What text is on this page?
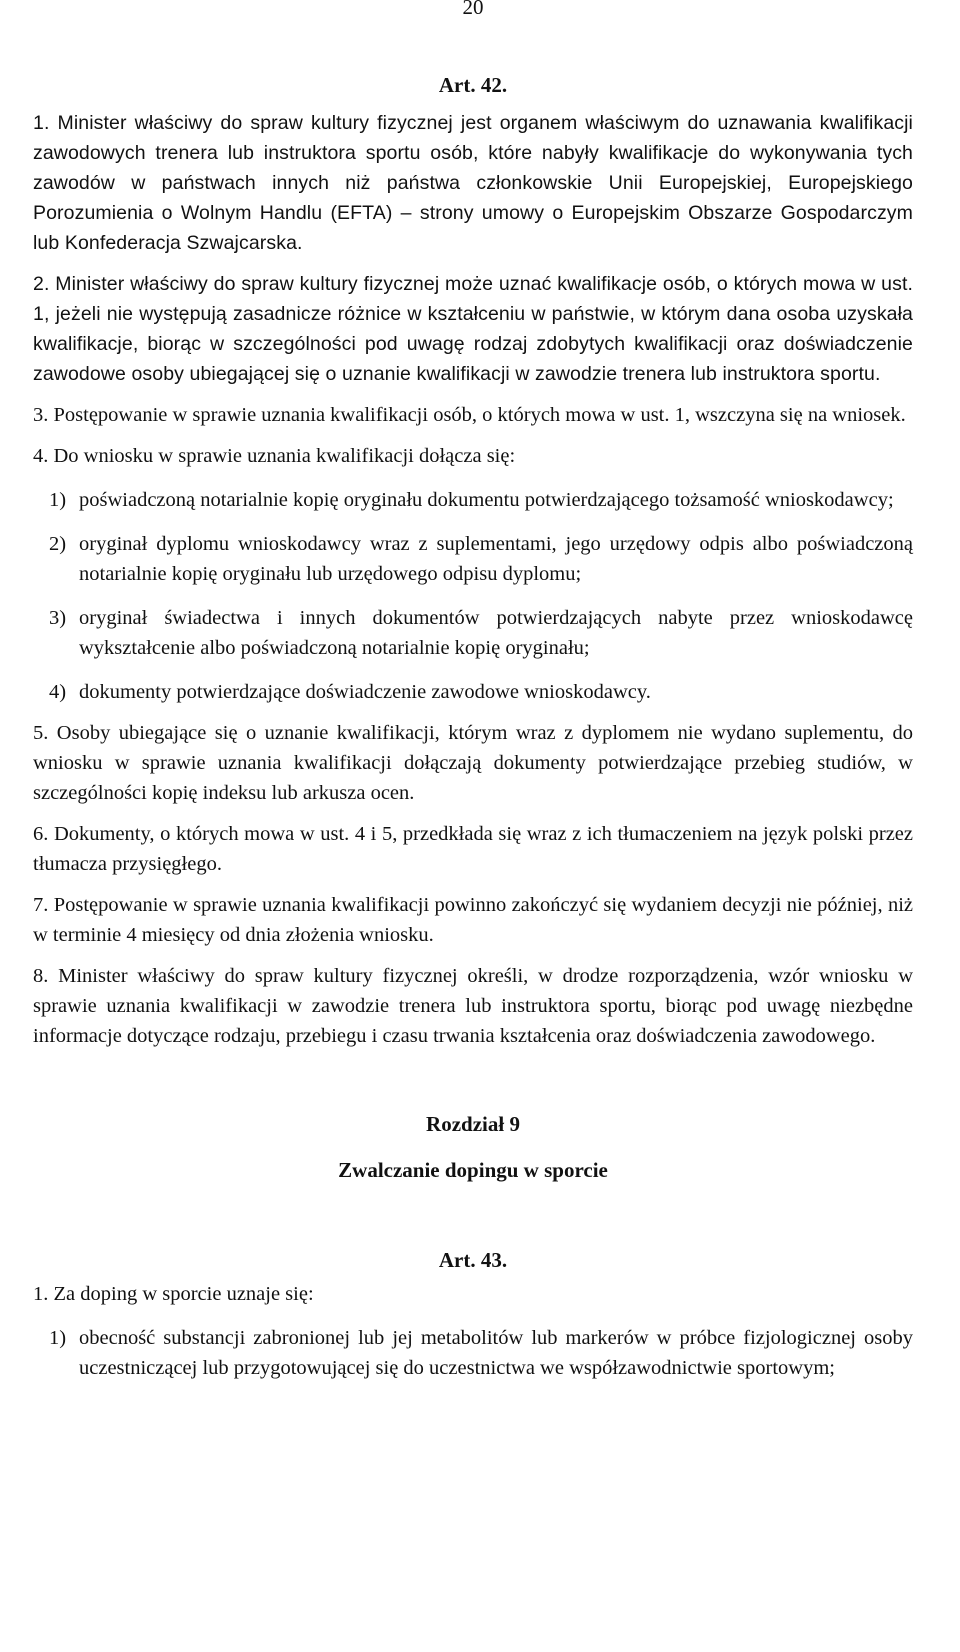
20
Art. 42.

1. Minister właściwy do spraw kultury fizycznej jest organem właściwym do uznawania kwalifikacji zawodowych trenera lub instruktora sportu osób, które nabyły kwalifikacje do wykonywania tych zawodów w państwach innych niż państwa członkowskie Unii Europejskiej, Europejskiego Porozumienia o Wolnym Handlu (EFTA) – strony umowy o Europejskim Obszarze Gospodarczym lub Konfederacja Szwajcarska.

2. Minister właściwy do spraw kultury fizycznej może uznać kwalifikacje osób, o których mowa w ust. 1, jeżeli nie występują zasadnicze różnice w kształceniu w państwie, w którym dana osoba uzyskała kwalifikacje, biorąc w szczególności pod uwagę rodzaj zdobytych kwalifikacji oraz doświadczenie zawodowe osoby ubiegającej się o uznanie kwalifikacji w zawodzie trenera lub instruktora sportu.

3. Postępowanie w sprawie uznania kwalifikacji osób, o których mowa w ust. 1, wszczyna się na wniosek.

4. Do wniosku w sprawie uznania kwalifikacji dołącza się:

1) poświadczoną notarialnie kopię oryginału dokumentu potwierdzającego tożsamość wnioskodawcy;
2) oryginał dyplomu wnioskodawcy wraz z suplementami, jego urzędowy odpis albo poświadczoną notarialnie kopię oryginału lub urzędowego odpisu dyplomu;
3) oryginał świadectwa i innych dokumentów potwierdzających nabyte przez wnioskodawcę wykształcenie albo poświadczoną notarialnie kopię oryginału;
4) dokumenty potwierdzające doświadczenie zawodowe wnioskodawcy.

5. Osoby ubiegające się o uznanie kwalifikacji, którym wraz z dyplomem nie wydano suplementu, do wniosku w sprawie uznania kwalifikacji dołączają dokumenty potwierdzające przebieg studiów, w szczególności kopię indeksu lub arkusza ocen.

6. Dokumenty, o których mowa w ust. 4 i 5, przedkłada się wraz z ich tłumaczeniem na język polski przez tłumacza przysięgłego.

7. Postępowanie w sprawie uznania kwalifikacji powinno zakończyć się wydaniem decyzji nie później, niż w terminie 4 miesięcy od dnia złożenia wniosku.

8. Minister właściwy do spraw kultury fizycznej określi, w drodze rozporządzenia, wzór wniosku w sprawie uznania kwalifikacji w zawodzie trenera lub instruktora sportu, biorąc pod uwagę niezbędne informacje dotyczące rodzaju, przebiegu i czasu trwania kształcenia oraz doświadczenia zawodowego.

Rozdział 9
Zwalczanie dopingu w sporcie
Art. 43.

1. Za doping w sporcie uznaje się:

1) obecność substancji zabronionej lub jej metabolitów lub markerów w próbce fizjologicznej osoby uczestniczącej lub przygotowującej się do uczestnictwa we współzawodnictwie sportowym;
